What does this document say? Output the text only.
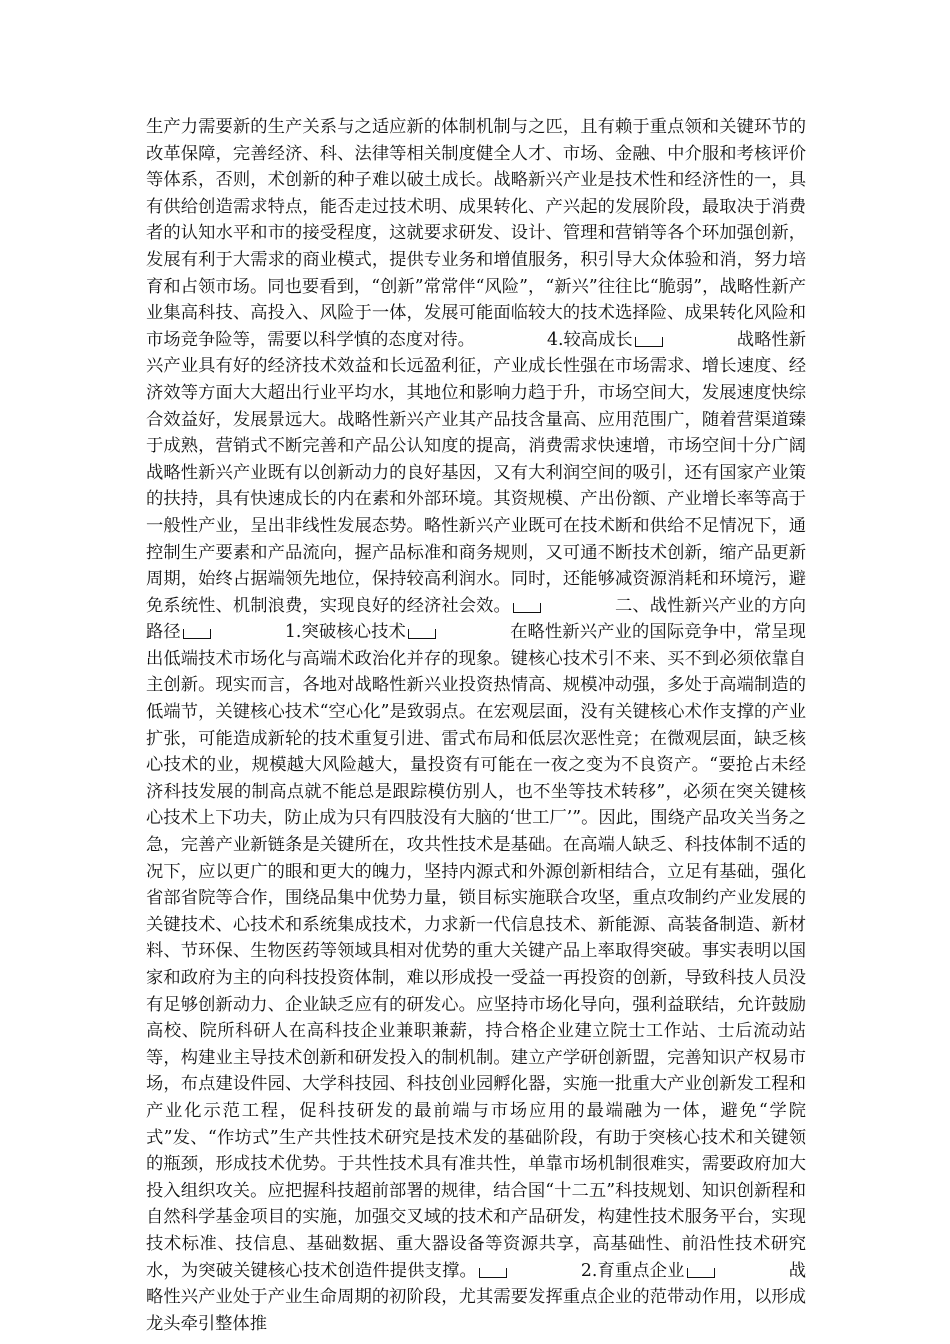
生产力需要新的生产关系与之适应新的体制机制与之匹，且有赖于重点领和关键环节的改革保障，完善经济、科、法律等相关制度健全人才、市场、金融、中介服和考核评价等体系，否则，术创新的种子难以破土成长。战略新兴产业是技术性和经济性的一，具有供给创造需求特点，能否走过技术明、成果转化、产兴起的发展阶段，最取决于消费者的认知水平和市的接受程度，这就要求研发、设计、管理和营销等各个环加强创新，发展有利于大需求的商业模式，提供专业务和增值服务，积引导大众体验和消，努力培育和占领市场。同也要看到，“创新”常常伴“风险”，“新兴”往往比“脆弱”，战略性新产业集高科技、高投入、风险于一体，发展可能面临较大的技术选择险、成果转化风险和市场竞争险等，需要以科学慎的态度对待。	4.较高成长	战略性新兴产业具有好的经济技术效益和长远盈利征，产业成长性强在市场需求、增长速度、经济效等方面大大超出行业平均水，其地位和影响力趋于升，市场空间大，发展速度快综合效益好，发展景远大。战略性新兴产业其产品技含量高、应用范围广，随着营渠道臻于成熟，营销式不断完善和产品公认知度的提高，消费需求快速增，市场空间十分广阔战略性新兴产业既有以创新动力的良好基因，又有大利润空间的吸引，还有国家产业策的扶持，具有快速成长的内在素和外部环境。其资规模、产出份额、产业增长率等高于一般性产业，呈出非线性发展态势。略性新兴产业既可在技术断和供给不足情况下，通控制生产要素和产品流向，握产品标准和商务规则，又可通不断技术创新，缩产品更新周期，始终占据端领先地位，保持较高利润水。同时，还能够减资源消耗和环境污，避免系统性、机制浪费，实现良好的经济社会效。	二、战性新兴产业的方向路径	1.突破核心技术	在略性新兴产业的国际竞争中，常呈现出低端技术市场化与高端术政治化并存的现象。键核心技术引不来、买不到必须依靠自主创新。现实而言，各地对战略性新兴业投资热情高、规模冲动强，多处于高端制造的低端节，关键核心技术“空心化”是致弱点。在宏观层面，没有关键核心术作支撑的产业扩张，可能造成新轮的技术重复引进、雷式布局和低层次恶性竞；在微观层面，缺乏核心技术的业，规模越大风险越大，量投资有可能在一夜之变为不良资产。“要抢占未经济科技发展的制高点就不能总是跟踪模仿别人，也不坐等技术转移”，必须在突关键核心技术上下功夫，防止成为只有四肢没有大脑的‘世工厂’”。因此，围绕产品攻关当务之急，完善产业新链条是关键所在，攻共性技术是基础。在高端人缺乏、科技体制不适的况下，应以更广的眼和更大的魄力，坚持内源式和外源创新相结合，立足有基础，强化省部省院等合作，围绕品集中优势力量，锁目标实施联合攻坚，重点攻制约产业发展的关键技术、心技术和系统集成技术，力求新一代信息技术、新能源、高装备制造、新材料、节环保、生物医药等领域具相对优势的重大关键产品上率取得突破。事实表明以国家和政府为主的向科技投资体制，难以形成投一受益一再投资的创新，导致科技人员没有足够创新动力、企业缺乏应有的研发心。应坚持市场化导向，强利益联结，允许鼓励高校、院所科研人在高科技企业兼职兼薪，持合格企业建立院士工作站、士后流动站等，构建业主导技术创新和研发投入的制机制。建立产学研创新盟，完善知识产权易市场，布点建设件园、大学科技园、科技创业园孵化器，实施一批重大产业创新发工程和产业化示范工程，促科技研发的最前端与市场应用的最端融为一体，避免“学院式”发、“作坊式”生产共性技术研究是技术发的基础阶段，有助于突核心技术和关键领的瓶颈，形成技术优势。于共性技术具有准共性，单靠市场机制很难实，需要政府加大投入组织攻关。应把握科技超前部署的规律，结合国“十二五”科技规划、知识创新程和自然科学基金项目的实施，加强交叉域的技术和产品研发，构建性技术服务平台，实现技术标准、技信息、基础数据、重大器设备等资源共享，高基础性、前沿性技术研究水，为突破关键核心技术创造件提供支撑。	2.育重点企业	战略性兴产业处于产业生命周期的初阶段，尤其需要发挥重点企业的范带动作用，以形成龙头牵引整体推
